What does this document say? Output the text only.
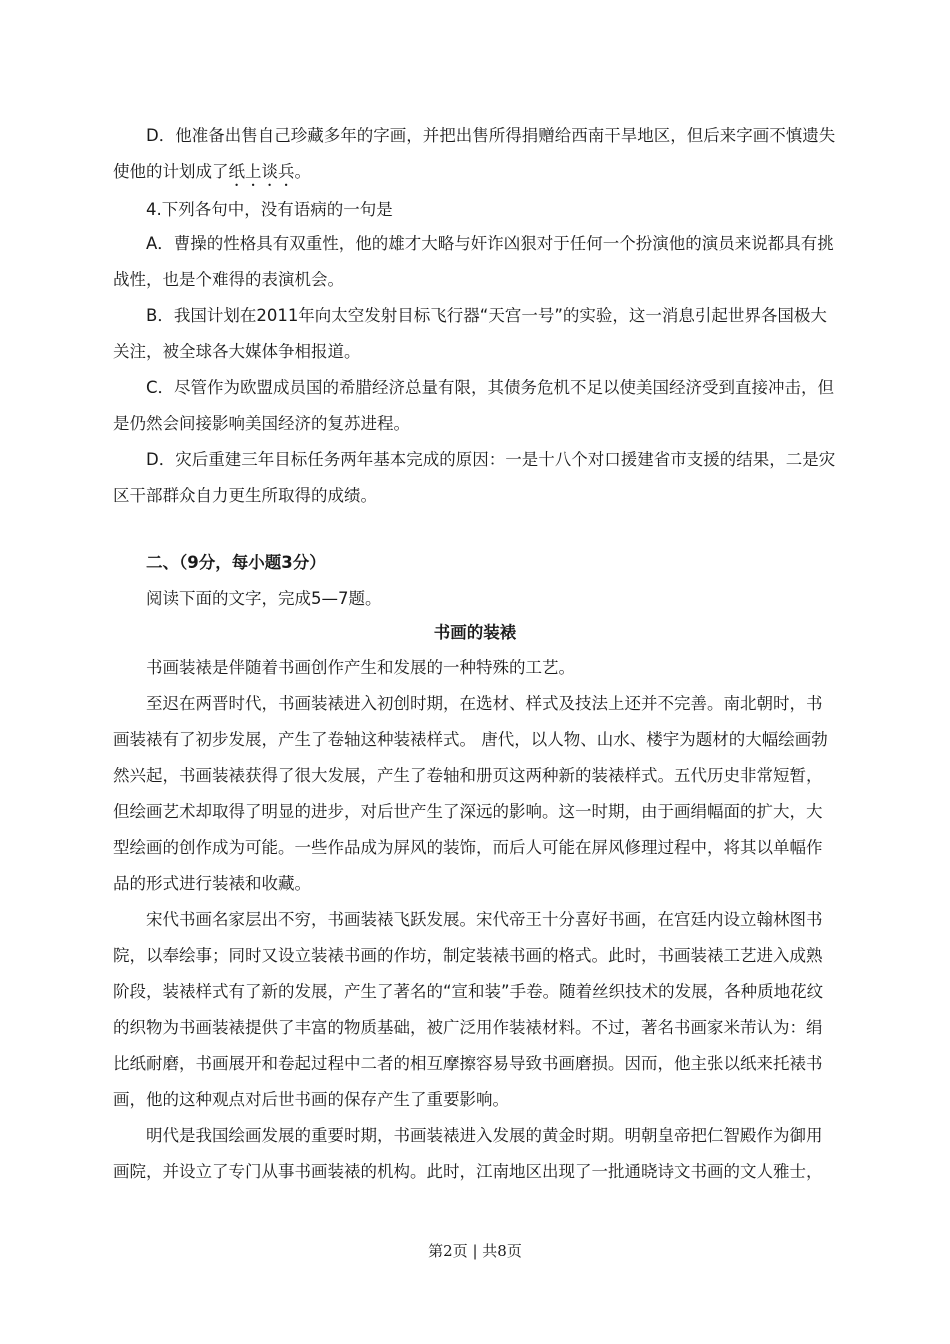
D．他准备出售自己珍藏多年的字画，并把出售所得捐赠给西南干旱地区，但后来字画不慎遗失使他的计划成了纸上谈兵。

4.下列各句中，没有语病的一句是

A．曹操的性格具有双重性，他的雄才大略与奸诈凶狠对于任何一个扮演他的演员来说都具有挑战性，也是个难得的表演机会。

B．我国计划在2011年向太空发射目标飞行器“天宫一号”的实验，这一消息引起世界各国极大关注，被全球各大媒体争相报道。

C．尽管作为欧盟成员国的希腊经济总量有限，其债务危机不足以使美国经济受到直接冲击，但是仍然会间接影响美国经济的复苏进程。

D．灾后重建三年目标任务两年基本完成的原因：一是十八个对口援建省市支援的结果，二是灾区干部群众自力更生所取得的成绩。

二、（9分，每小题3分）

阅读下面的文字，完成5—7题。

书画的装裱

书画装裱是伴随着书画创作产生和发展的一种特殊的工艺。

至迟在两晋时代，书画装裱进入初创时期，在选材、样式及技法上还并不完善。南北朝时，书画装裱有了初步发展，产生了卷轴这种装裱样式。 唐代，以人物、山水、楼宇为题材的大幅绘画勃然兴起，书画装裱获得了很大发展，产生了卷轴和册页这两种新的装裱样式。五代历史非常短暂，但绘画艺术却取得了明显的进步，对后世产生了深远的影响。这一时期，由于画绢幅面的扩大，大型绘画的创作成为可能。一些作品成为屏风的装饰，而后人可能在屏风修理过程中，将其以单幅作品的形式进行装裱和收藏。

宋代书画名家层出不穷，书画装裱飞跃发展。宋代帝王十分喜好书画，在宫廷内设立翰林图书院，以奉绘事；同时又设立装裱书画的作坊，制定装裱书画的格式。此时，书画装裱工艺进入成熟阶段，装裱样式有了新的发展，产生了著名的“宣和装”手卷。随着丝织技术的发展，各种质地花纹的织物为书画装裱提供了丰富的物质基础，被广泛用作装裱材料。不过，著名书画家米芾认为：绢比纸耐磨，书画展开和卷起过程中二者的相互摩擦容易导致书画磨损。因而，他主张以纸来托裱书画，他的这种观点对后世书画的保存产生了重要影响。

明代是我国绘画发展的重要时期，书画装裱进入发展的黄金时期。明朝皇帝把仁智殿作为御用画院，并设立了专门从事书画装裱的机构。此时，江南地区出现了一批通晓诗文书画的文人雅士，

第2页 | 共8页
